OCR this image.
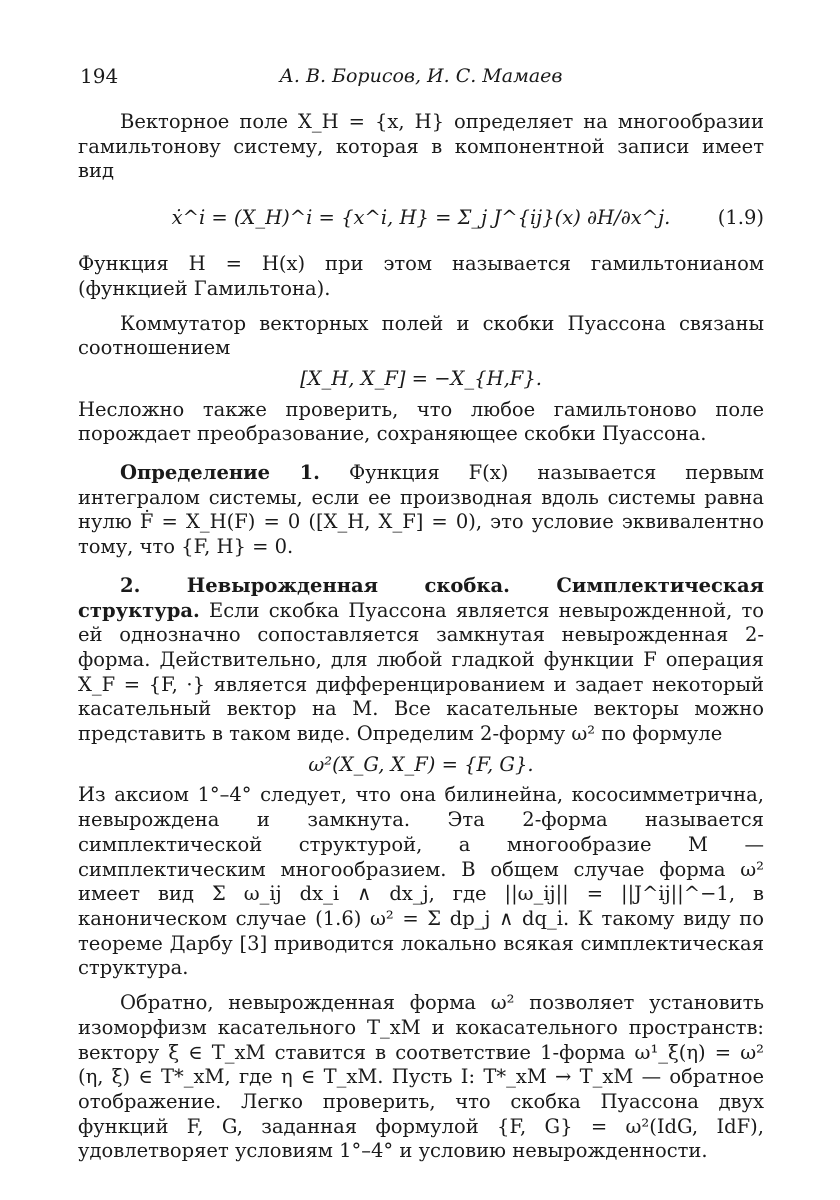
194	А. В. Борисов, И. С. Мамаев

Векторное поле X_H = {x, H} определяет на многообразии гамильтонову систему, которая в компонентной записи имеет вид

ẋ^i = (X_H)^i = {x^i, H} = Σ_j J^{ij}(x) ∂H/∂x^j. (1.9)

Функция H = H(x) при этом называется гамильтонианом (функцией Гамильтона).

Коммутатор векторных полей и скобки Пуассона связаны соотношением

[X_H, X_F] = −X_{H,F}.

Несложно также проверить, что любое гамильтоново поле порождает преобразование, сохраняющее скобки Пуассона.

Определение 1. Функция F(x) называется первым интегралом системы, если ее производная вдоль системы равна нулю Ḟ = X_H(F) = 0 ([X_H, X_F] = 0), это условие эквивалентно тому, что {F, H} = 0.

2. Невырожденная скобка. Симплектическая структура. Если скобка Пуассона является невырожденной, то ей однозначно сопоставляется замкнутая невырожденная 2-форма. Действительно, для любой гладкой функции F операция X_F = {F, ·} является дифференцированием и задает некоторый касательный вектор на M. Все касательные векторы можно представить в таком виде. Определим 2-форму ω² по формуле

ω²(X_G, X_F) = {F, G}.

Из аксиом 1°–4° следует, что она билинейна, кососимметрична, невырождена и замкнута. Эта 2-форма называется симплектической структурой, а многообразие M — симплектическим многообразием. В общем случае форма ω² имеет вид Σ ω_ij dx_i ∧ dx_j, где ||ω_ij|| = ||J^ij||^−1, в каноническом случае (1.6) ω² = Σ dp_j ∧ dq_i. К такому виду по теореме Дарбу [3] приводится локально всякая симплектическая структура.

Обратно, невырожденная форма ω² позволяет установить изоморфизм касательного T_xM и кокасательного пространств: вектору ξ ∈ T_xM ставится в соответствие 1-форма ω¹_ξ(η) = ω² (η, ξ) ∈ T*_xM, где η ∈ T_xM. Пусть I: T*_xM → T_xM — обратное отображение. Легко проверить, что скобка Пуассона двух функций F, G, заданная формулой {F, G} = ω²(IdG, IdF), удовлетворяет условиям 1°–4° и условию невырожденности.
